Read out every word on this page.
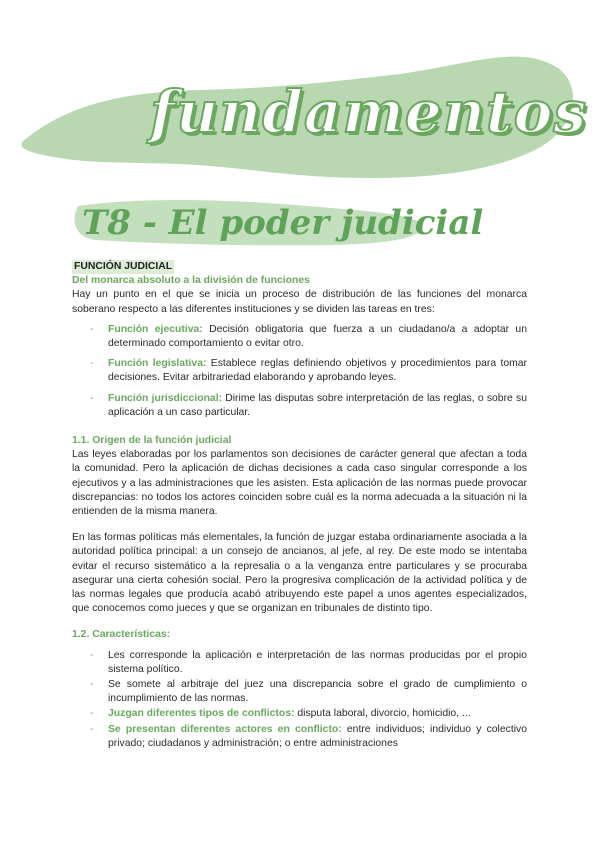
fundamentos
T8 - El poder judicial
FUNCIÓN JUDICIAL

Del monarca absoluto a la división de funciones

Hay un punto en el que se inicia un proceso de distribución de las funciones del monarca soberano respecto a las diferentes instituciones y se dividen las tareas en tres:

- Función ejecutiva: Decisión obligatoria que fuerza a un ciudadano/a a adoptar un determinado comportamiento o evitar otro.
- Función legislativa: Establece reglas definiendo objetivos y procedimientos para tomar decisiones. Evitar arbitrariedad elaborando y aprobando leyes.
- Función jurisdiccional: Dirime las disputas sobre interpretación de las reglas, o sobre su aplicación a un caso particular.

1.1. Origen de la función judicial

Las leyes elaboradas por los parlamentos son decisiones de carácter general que afectan a toda la comunidad. Pero la aplicación de dichas decisiones a cada caso singular corresponde a los ejecutivos y a las administraciones que les asisten. Esta aplicación de las normas puede provocar discrepancias: no todos los actores coinciden sobre cuál es la norma adecuada a la situación ni la entienden de la misma manera.

En las formas políticas más elementales, la función de juzgar estaba ordinariamente asociada a la autoridad política principal: a un consejo de ancianos, al jefe, al rey. De este modo se intentaba evitar el recurso sistemático a la represalia o a la venganza entre particulares y se procuraba asegurar una cierta cohesión social. Pero la progresiva complicación de la actividad política y de las normas legales que producía acabó atribuyendo este papel a unos agentes especializados, que conocemos como jueces y que se organizan en tribunales de distinto tipo.

1.2. Características:

- Les corresponde la aplicación e interpretación de las normas producidas por el propio sistema político.
- Se somete al arbitraje del juez una discrepancia sobre el grado de cumplimiento o incumplimiento de las normas.
- Juzgan diferentes tipos de conflictos: disputa laboral, divorcio, homicidio, ...
- Se presentan diferentes actores en conflicto: entre individuos; individuo y colectivo privado; ciudadanos y administración; o entre administraciones
